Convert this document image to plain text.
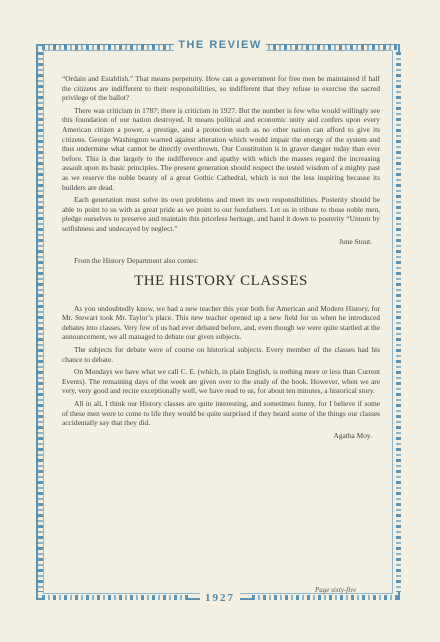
THE REVIEW

“Ordain and Establish.” That means perpetuity. How can a government for free men be maintained if half the citizens are indifferent to their responsibilities, so indifferent that they refuse to exercise the sacred privilege of the ballot?

There was criticism in 1787; there is criticism in 1927. But the number is few who would willingly see this foundation of our nation destroyed. It means political and economic unity and confers upon every American citizen a power, a prestige, and a protection such as no other nation can afford to give its citizens. George Washington warned against alteration which would impair the energy of the system and thus undermine what cannot be directly overthrown. Our Constitution is in graver danger today than ever before. This is due largely to the indifference and apathy with which the masses regard the increasing assault upon its basic principles. The present generation should respect the tested wisdom of a mighty past as we reserve the noble beauty of a great Gothic Cathedral, which is not the less inspiring because its builders are dead.

Each generation must solve its own problems and meet its own responsibilities. Posterity should be able to point to us with as great pride as we point to our forefathers. Let us in tribute to those noble men, pledge ourselves to preserve and maintain this priceless heritage, and hand it down to posterity “Untorn by selfishness and undecayed by neglect.”

June Stout.
From the History Department also comes:
THE HISTORY CLASSES

As you undoubtedly know, we had a new teacher this year both for American and Modern History, for Mr. Stewart took Mr. Taylor’s place. This new teacher opened up a new field for us when he introduced debates into classes. Very few of us had ever debated before, and, even though we were quite startled at the announcement, we all managed to debate our given subjects.

The subjects for debate were of course on historical subjects. Every member of the classes had his chance to debate.

On Mondays we have what we call C. E. (which, in plain English, is nothing more or less than Current Events). The remaining days of the week are given over to the study of the book. However, when we are very, very good and recite exceptionally well, we have read to us, for about ten minutes, a historical story.

All in all, I think our History classes are quite interesting, and sometimes funny, for I believe if some of these men were to come to life they would be quite surprised if they heard some of the things our classes accidentally say that they did.

Agatha Moy.
Page sixty-five
1927
